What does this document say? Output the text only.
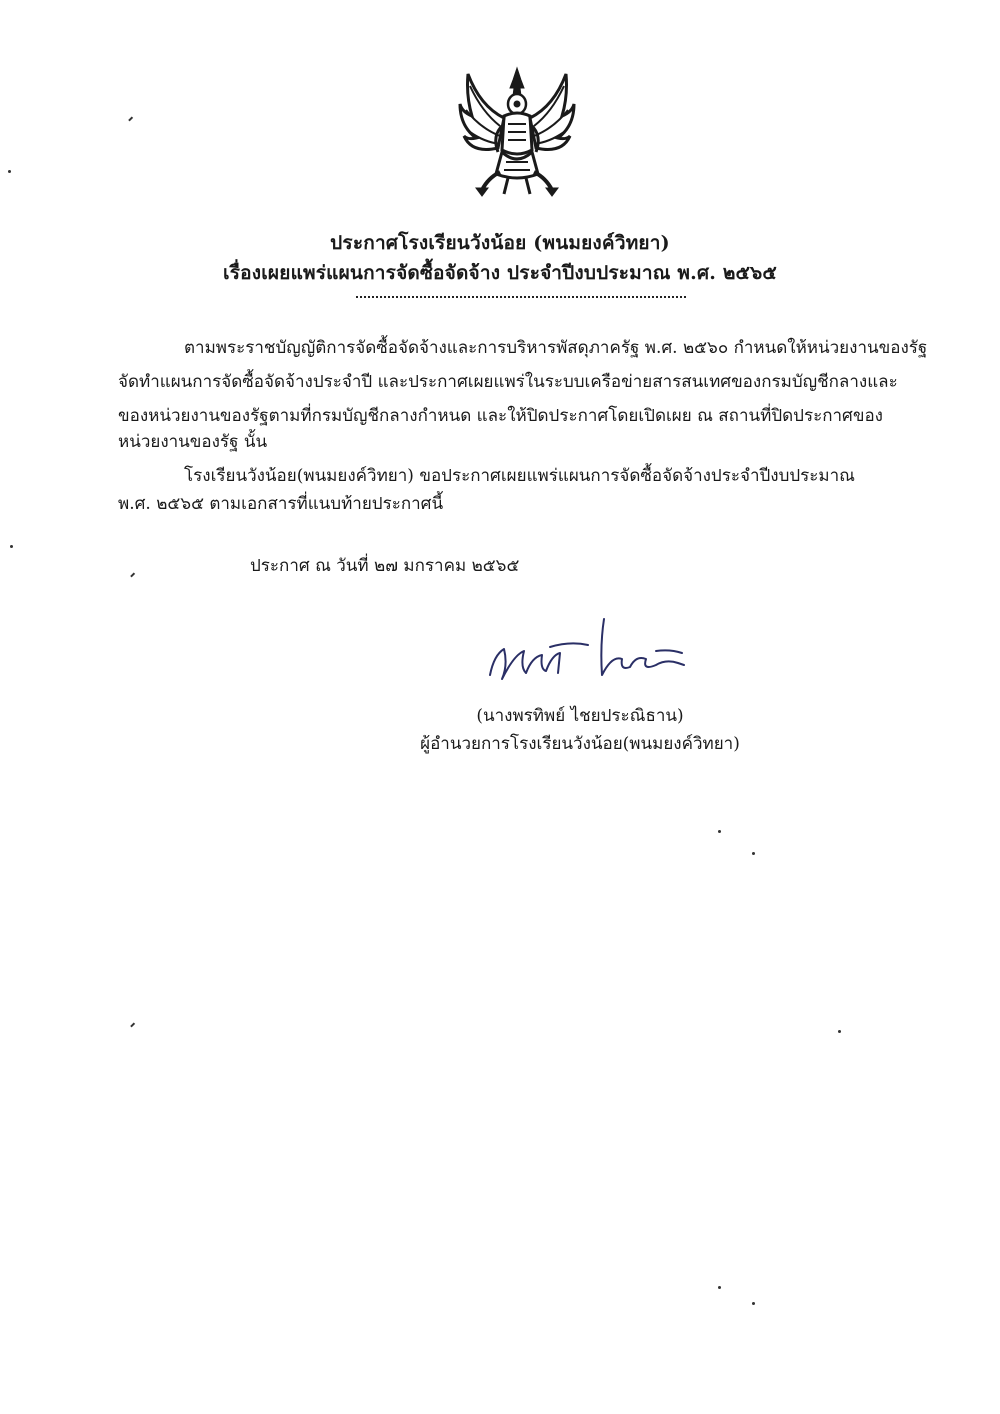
ประกาศโรงเรียนวังน้อย (พนมยงค์วิทยา)
เรื่องเผยแพร่แผนการจัดซื้อจัดจ้าง ประจำปีงบประมาณ พ.ศ. ๒๕๖๕
ตามพระราชบัญญัติการจัดซื้อจัดจ้างและการบริหารพัสดุภาครัฐ พ.ศ. ๒๕๖๐ กำหนดให้หน่วยงานของรัฐ
จัดทำแผนการจัดซื้อจัดจ้างประจำปี และประกาศเผยแพร่ในระบบเครือข่ายสารสนเทศของกรมบัญชีกลางและ
ของหน่วยงานของรัฐตามที่กรมบัญชีกลางกำหนด และให้ปิดประกาศโดยเปิดเผย ณ สถานที่ปิดประกาศของ
หน่วยงานของรัฐ นั้น
โรงเรียนวังน้อย(พนมยงค์วิทยา) ขอประกาศเผยแพร่แผนการจัดซื้อจัดจ้างประจำปีงบประมาณ
พ.ศ. ๒๕๖๕ ตามเอกสารที่แนบท้ายประกาศนี้
ประกาศ ณ วันที่ ๒๗ มกราคม ๒๕๖๕
(นางพรทิพย์ ไชยประณิธาน)
ผู้อำนวยการโรงเรียนวังน้อย(พนมยงค์วิทยา)
